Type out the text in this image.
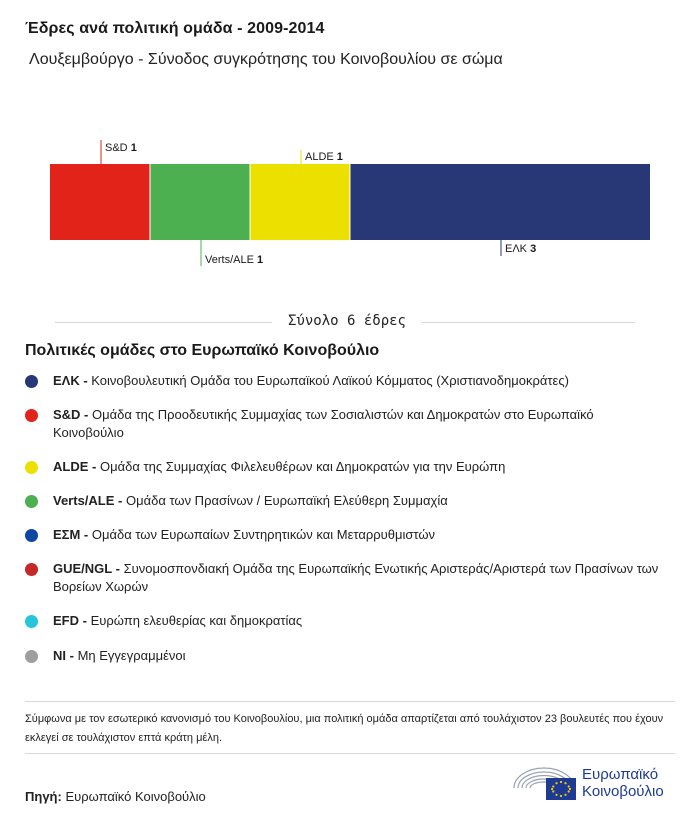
Έδρες ανά πολιτική ομάδα - 2009-2014
Λουξεμβούργο - Σύνοδος συγκρότησης του Κοινοβουλίου σε σώμα
S&D 1
Verts/ALE 1
ALDE 1
ΕΛΚ 3
Σύνολο 6 έδρες
Πολιτικές ομάδες στο Ευρωπαϊκό Κοινοβούλιο
ΕΛΚ - Κοινοβουλευτική Ομάδα του Ευρωπαϊκού Λαϊκού Κόμματος (Χριστιανοδημοκράτες)
S&D - Ομάδα της Προοδευτικής Συμμαχίας των Σοσιαλιστών και Δημοκρατών στο Ευρωπαϊκό Κοινοβούλιο
ALDE - Ομάδα της Συμμαχίας Φιλελευθέρων και Δημοκρατών για την Ευρώπη
Verts/ALE - Ομάδα των Πρασίνων / Ευρωπαϊκή Ελεύθερη Συμμαχία
ΕΣΜ - Ομάδα των Ευρωπαίων Συντηρητικών και Μεταρρυθμιστών
GUE/NGL - Συνομοσπονδιακή Ομάδα της Ευρωπαϊκής Ενωτικής Αριστεράς/Αριστερά των Πρασίνων των Βορείων Χωρών
EFD - Ευρώπη ελευθερίας και δημοκρατίας
NI - Μη Εγγεγραμμένοι
Σύμφωνα με τον εσωτερικό κανονισμό του Κοινοβουλίου, μια πολιτική ομάδα απαρτίζεται από τουλάχιστον 23 βουλευτές που έχουν εκλεγεί σε τουλάχιστον επτά κράτη μέλη.
Πηγή: Ευρωπαϊκό Κοινοβούλιο
Ευρωπαϊκό
Κοινοβούλιο
